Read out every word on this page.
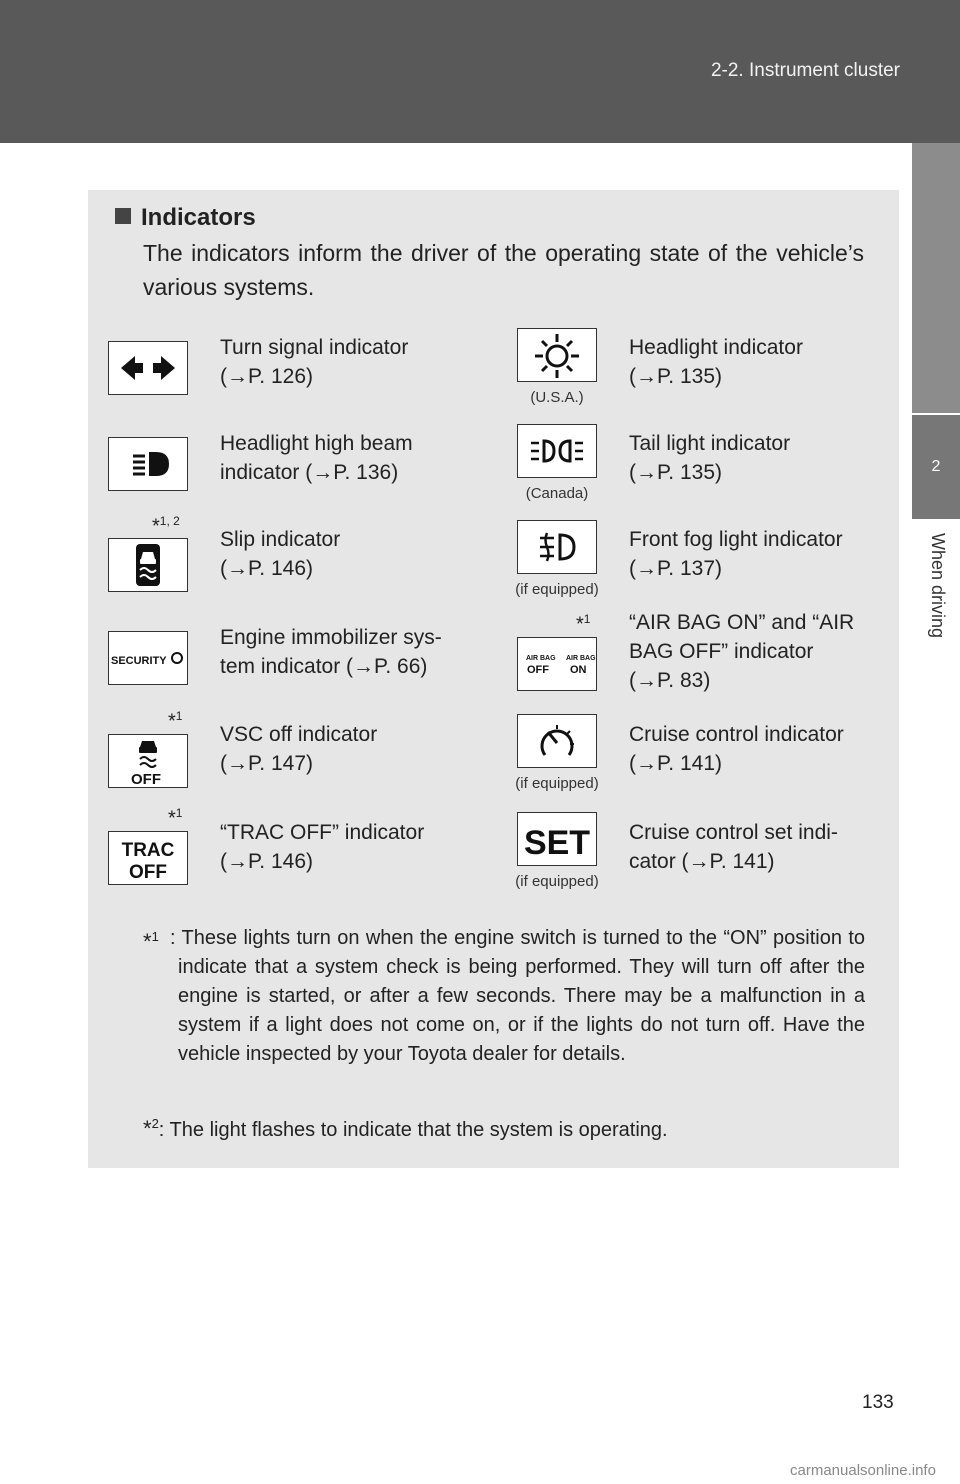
2-2. Instrument cluster
2
When driving
Indicators
The indicators inform the driver of the operating state of the vehicle’s various systems.
Turn signal indicator
(→P. 126)
(U.S.A.)
Headlight indicator
(→P. 135)
Headlight high beam
indicator (→P. 136)
(Canada)
Tail light indicator
(→P. 135)
*$^{1, 2}$
Slip indicator
(→P. 146)
(if equipped)
Front fog light indicator
(→P. 137)
SECURITY
Engine immobilizer sys-
tem indicator (→P. 66)
*$^1$
AIR BAG
OFF
AIR BAG
ON
“AIR BAG ON” and “AIR
BAG OFF” indicator
(→P. 83)
*$^1$
OFF
VSC off indicator
(→P. 147)
(if equipped)
Cruise control indicator
(→P. 141)
*$^1$
TRAC
OFF
“TRAC OFF” indicator
(→P. 146)	SET
(if equipped)
Cruise control set indi-
cator (→P. 141)
*$^1$ : These lights turn on when the engine switch is turned to the “ON” position to indicate that a system check is being performed. They will turn off after the engine is started, or after a few seconds. There may be a malfunction in a system if a light does not come on, or if the lights do not turn off. Have the vehicle inspected by your Toyota dealer for details.
*$^2$: The light flashes to indicate that the system is operating.
133
carmanualsonline.info
